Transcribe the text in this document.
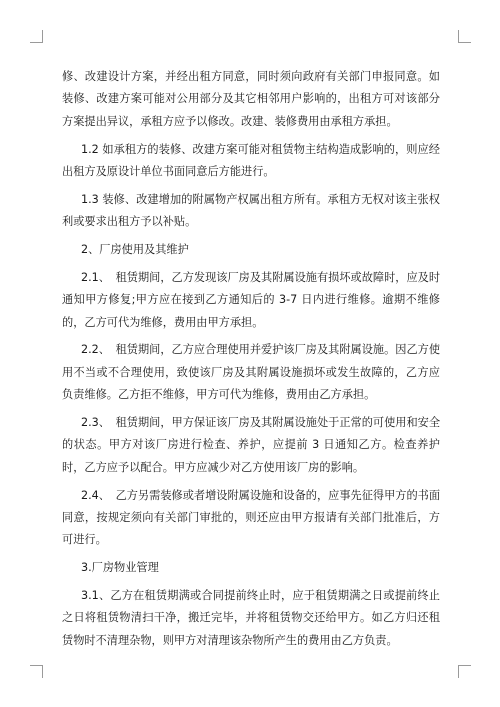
修、改建设计方案，并经出租方同意，同时须向政府有关部门申报同意。如装修、改建方案可能对公用部分及其它相邻用户影响的，出租方可对该部分方案提出异议，承租方应予以修改。改建、装修费用由承租方承担。

1.2 如承租方的装修、改建方案可能对租赁物主结构造成影响的，则应经出租方及原设计单位书面同意后方能进行。

1.3 装修、改建增加的附属物产权属出租方所有。承租方无权对该主张权利或要求出租方予以补贴。

2、厂房使用及其维护

2.1、　租赁期间，乙方发现该厂房及其附属设施有损坏或故障时，应及时通知甲方修复;甲方应在接到乙方通知后的 3-7 日内进行维修。逾期不维修的，乙方可代为维修，费用由甲方承担。

2.2、　租赁期间，乙方应合理使用并爱护该厂房及其附属设施。因乙方使用不当或不合理使用，致使该厂房及其附属设施损坏或发生故障的，乙方应负责维修。乙方拒不维修，甲方可代为维修，费用由乙方承担。

2.3、　租赁期间，甲方保证该厂房及其附属设施处于正常的可使用和安全的状态。甲方对该厂房进行检查、养护，应提前 3 日通知乙方。检查养护时，乙方应予以配合。甲方应减少对乙方使用该厂房的影响。

2.4、　乙方另需装修或者增设附属设施和设备的，应事先征得甲方的书面同意，按规定须向有关部门审批的，则还应由甲方报请有关部门批准后，方可进行。

3.厂房物业管理

3.1、乙方在租赁期满或合同提前终止时，应于租赁期满之日或提前终止之日将租赁物清扫干净，搬迁完毕，并将租赁物交还给甲方。如乙方归还租赁物时不清理杂物，则甲方对清理该杂物所产生的费用由乙方负责。
